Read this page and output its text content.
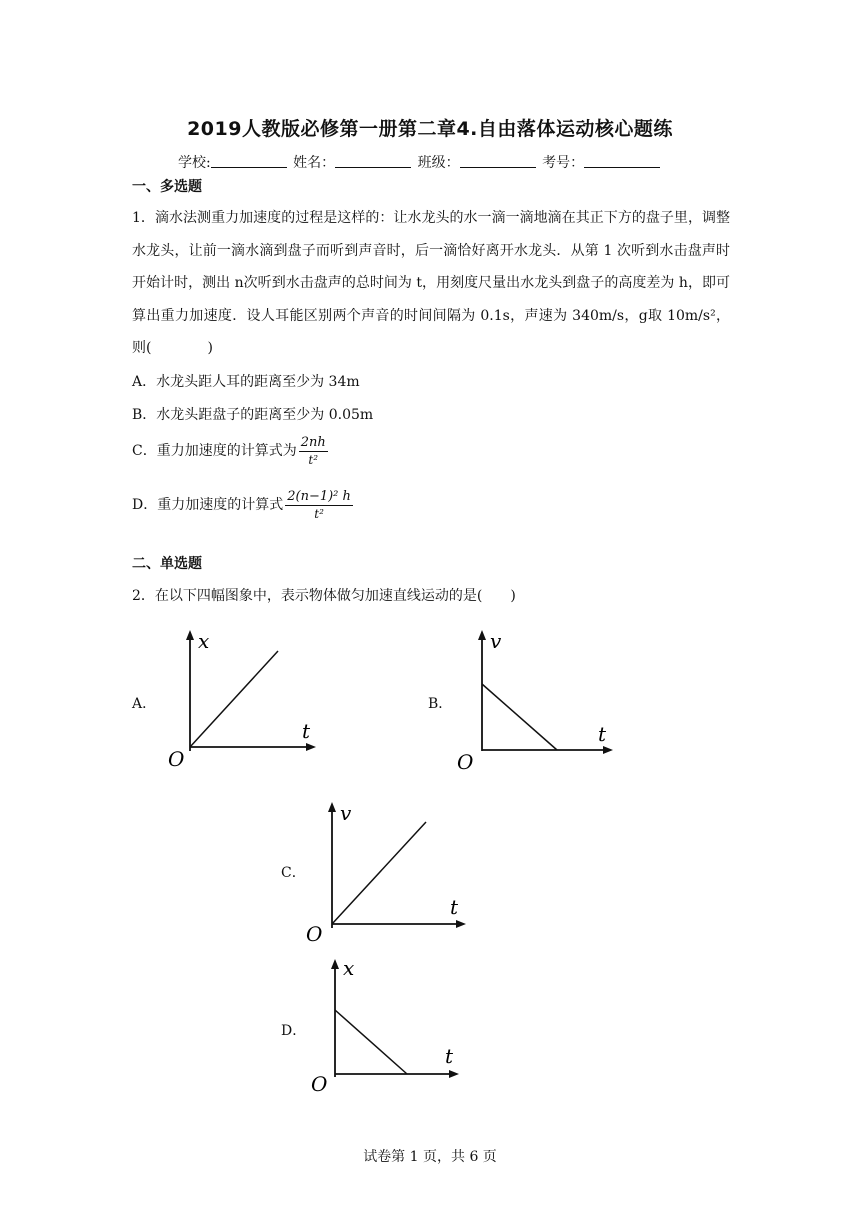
2019人教版必修第一册第二章4.自由落体运动核心题练
学校:	姓名：	班级：	考号：
一、多选题
1．滴水法测重力加速度的过程是这样的：让水龙头的水一滴一滴地滴在其正下方的盘子里，调整水龙头，让前一滴水滴到盘子而听到声音时，后一滴恰好离开水龙头．从第 1 次听到水击盘声时开始计时，测出 n次听到水击盘声的总时间为 t，用刻度尺量出水龙头到盘子的高度差为 h，即可算出重力加速度．设人耳能区别两个声音的时间间隔为 0.1s，声速为 340m/s，g取 10m/s²，则(　　　　)
A．水龙头距人耳的距离至少为 34m
B．水龙头距盘子的距离至少为 0.05m
C．重力加速度的计算式为 $\frac{2nh}{\text{t²}}$
D．重力加速度的计算式 $\frac{\text{2(n−1)² h}}{\text{t²}}$
二、单选题
2．在以下四幅图象中，表示物体做匀加速直线运动的是(　　)
A．
x
t
O
B．
v
t
O
C．
v
t
O
D．
x
t
O
试卷第 1 页，共 6 页
